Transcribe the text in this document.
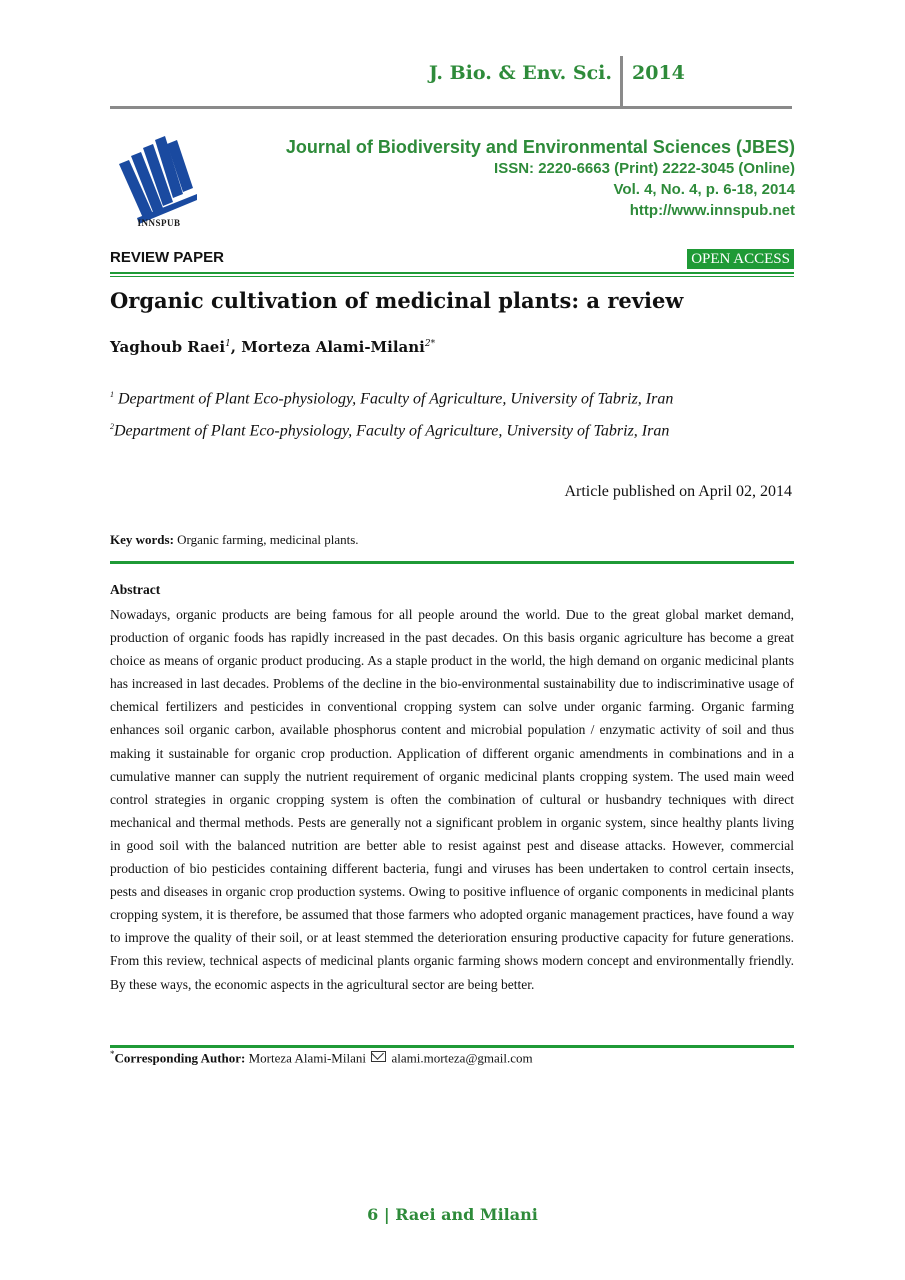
J. Bio. & Env. Sci. 2014
INNSPUB
Journal of Biodiversity and Environmental Sciences (JBES)
ISSN: 2220-6663 (Print) 2222-3045 (Online)
Vol. 4, No. 4, p. 6-18, 2014
http://www.innspub.net
REVIEW PAPER	OPEN ACCESS
Organic cultivation of medicinal plants: a review
Yaghoub Raei$^1$, Morteza Alami-Milani$^{2*}$
$^1$ Department of Plant Eco-physiology, Faculty of Agriculture, University of Tabriz, Iran
$^2$Department of Plant Eco-physiology, Faculty of Agriculture, University of Tabriz, Iran
Article published on April 02, 2014
Key words: Organic farming, medicinal plants.
Abstract
Nowadays, organic products are being famous for all people around the world. Due to the great global market demand, production of organic foods has rapidly increased in the past decades. On this basis organic agriculture has become a great choice as means of organic product producing. As a staple product in the world, the high demand on organic medicinal plants has increased in last decades. Problems of the decline in the bio-environmental sustainability due to indiscriminative usage of chemical fertilizers and pesticides in conventional cropping system can solve under organic farming. Organic farming enhances soil organic carbon, available phosphorus content and microbial population / enzymatic activity of soil and thus making it sustainable for organic crop production. Application of different organic amendments in combinations and in a cumulative manner can supply the nutrient requirement of organic medicinal plants cropping system. The used main weed control strategies in organic cropping system is often the combination of cultural or husbandry techniques with direct mechanical and thermal methods. Pests are generally not a significant problem in organic system, since healthy plants living in good soil with the balanced nutrition are better able to resist against pest and disease attacks. However, commercial production of bio pesticides containing different bacteria, fungi and viruses has been undertaken to control certain insects, pests and diseases in organic crop production systems. Owing to positive influence of organic components in medicinal plants cropping system, it is therefore, be assumed that those farmers who adopted organic management practices, have found a way to improve the quality of their soil, or at least stemmed the deterioration ensuring productive capacity for future generations. From this review, technical aspects of medicinal plants organic farming shows modern concept and environmentally friendly. By these ways, the economic aspects in the agricultural sector are being better.
*Corresponding Author: Morteza Alami-Milani  alami.morteza@gmail.com
6 | Raei and Milani
